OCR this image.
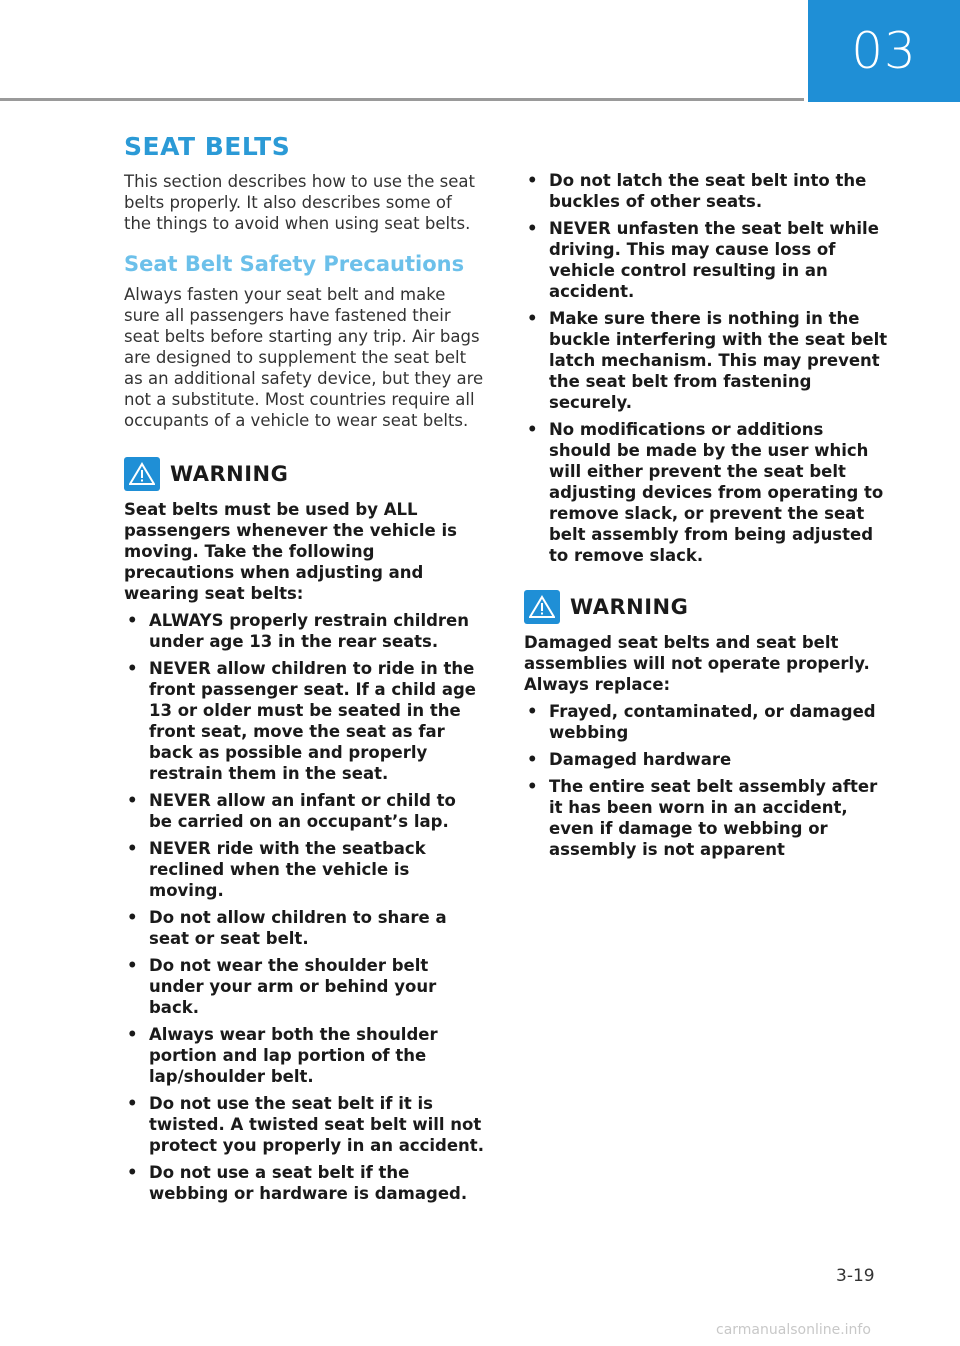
03
SEAT BELTS

This section describes how to use the seat belts properly. It also describes some of the things to avoid when using seat belts.

Seat Belt Safety Precautions

Always fasten your seat belt and make sure all passengers have fastened their seat belts before starting any trip. Air bags are designed to supplement the seat belt as an additional safety device, but they are not a substitute. Most countries require all occupants of a vehicle to wear seat belts.

WARNING

Seat belts must be used by ALL passengers whenever the vehicle is moving. Take the following precautions when adjusting and wearing seat belts:

• ALWAYS properly restrain children under age 13 in the rear seats.
• NEVER allow children to ride in the front passenger seat. If a child age 13 or older must be seated in the front seat, move the seat as far back as possible and properly restrain them in the seat.
• NEVER allow an infant or child to be carried on an occupant’s lap.
• NEVER ride with the seatback reclined when the vehicle is moving.
• Do not allow children to share a seat or seat belt.
• Do not wear the shoulder belt under your arm or behind your back.
• Always wear both the shoulder portion and lap portion of the lap/shoulder belt.
• Do not use the seat belt if it is twisted. A twisted seat belt will not protect you properly in an accident.
• Do not use a seat belt if the webbing or hardware is damaged.
• Do not latch the seat belt into the buckles of other seats.
• NEVER unfasten the seat belt while driving. This may cause loss of vehicle control resulting in an accident.
• Make sure there is nothing in the buckle interfering with the seat belt latch mechanism. This may prevent the seat belt from fastening securely.
• No modifications or additions should be made by the user which will either prevent the seat belt adjusting devices from operating to remove slack, or prevent the seat belt assembly from being adjusted to remove slack.
WARNING

Damaged seat belts and seat belt assemblies will not operate properly. Always replace:

• Frayed, contaminated, or damaged webbing
• Damaged hardware
• The entire seat belt assembly after it has been worn in an accident, even if damage to webbing or assembly is not apparent
3-19
carmanualsonline.info
